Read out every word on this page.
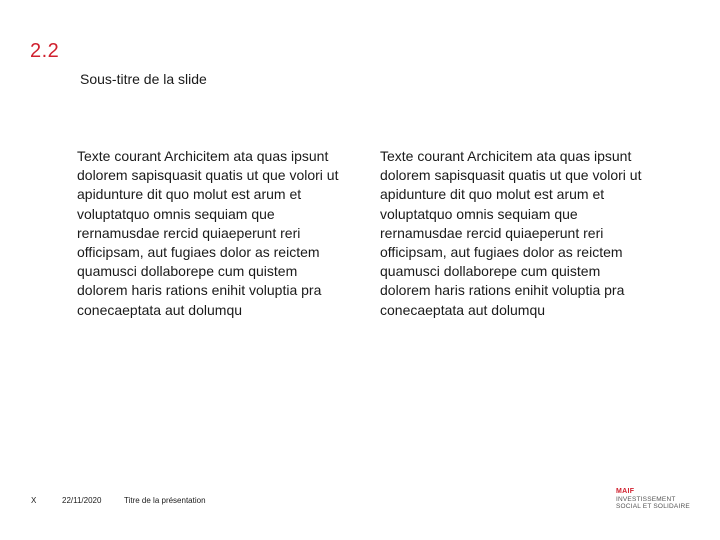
2.2
Sous-titre de la slide
Texte courant Archicitem ata quas ipsunt dolorem sapisquasit quatis ut que volori ut apidunture dit quo molut est arum et voluptatquo omnis sequiam que rernamusdae rercid quiaeperunt reri officipsam, aut fugiaes dolor as reictem quamusci dollaborepe cum quistem dolorem haris rations enihit voluptia pra conecaeptata aut dolumqu
Texte courant Archicitem ata quas ipsunt dolorem sapisquasit quatis ut que volori ut apidunture dit quo molut est arum et voluptatquo omnis sequiam que rernamusdae rercid quiaeperunt reri officipsam, aut fugiaes dolor as reictem quamusci dollaborepe cum quistem dolorem haris rations enihit voluptia pra conecaeptata aut dolumqu
X	22/11/2020	Titre de la présentation
MAIF
INVESTISSEMENT
SOCIAL ET SOLIDAIRE
